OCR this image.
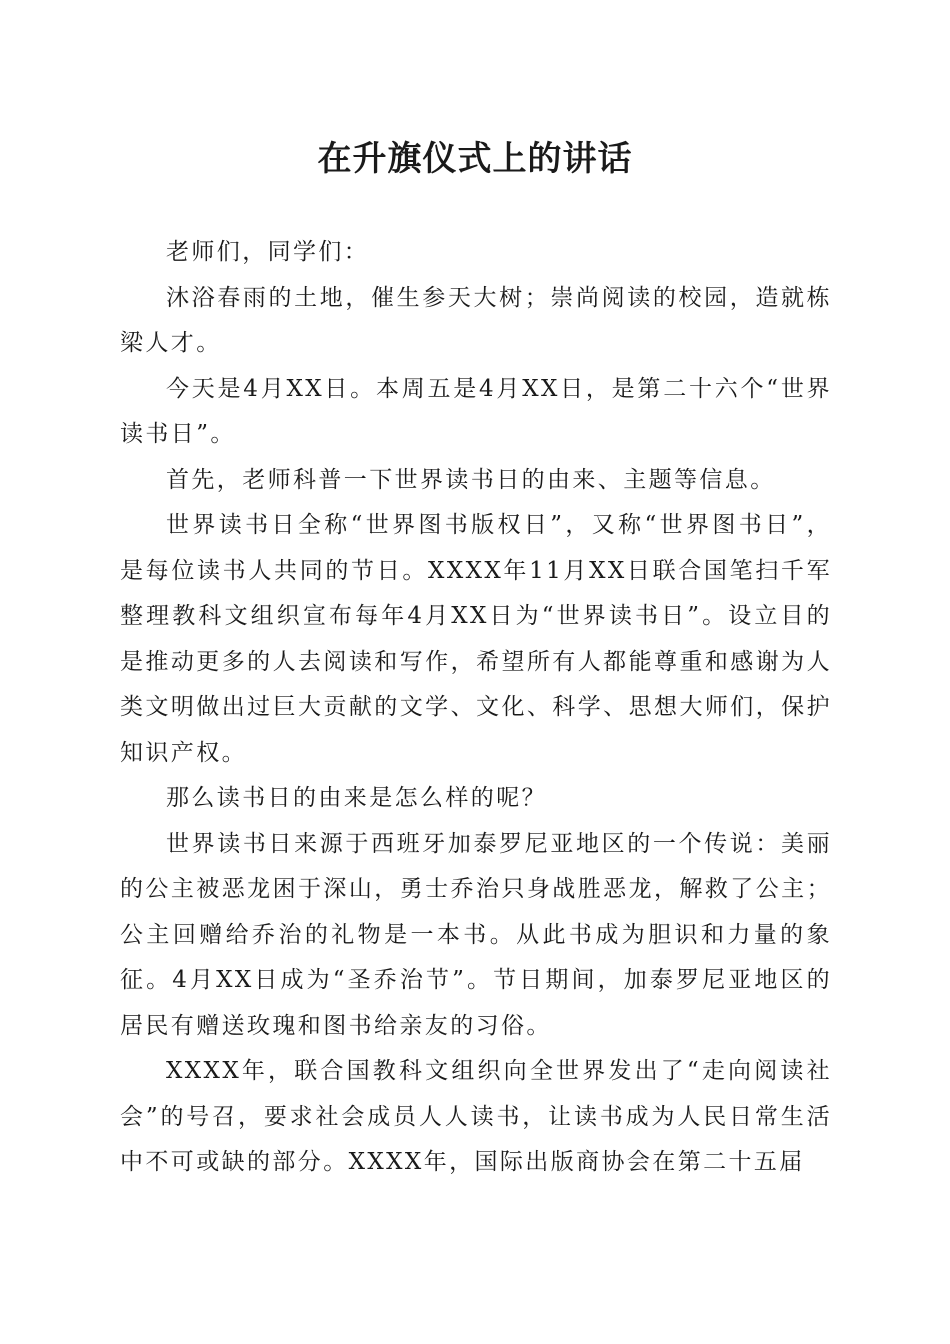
在升旗仪式上的讲话

老师们，同学们：

沐浴春雨的土地，催生参天大树；崇尚阅读的校园，造就栋梁人才。

今天是4月XX日。本周五是4月XX日，是第二十六个“世界读书日”。

首先，老师科普一下世界读书日的由来、主题等信息。

世界读书日全称“世界图书版权日”，又称“世界图书日”，是每位读书人共同的节日。XXXX年11月XX日联合国笔扫千军整理教科文组织宣布每年4月XX日为“世界读书日”。设立目的是推动更多的人去阅读和写作，希望所有人都能尊重和感谢为人类文明做出过巨大贡献的文学、文化、科学、思想大师们，保护知识产权。

那么读书日的由来是怎么样的呢？

世界读书日来源于西班牙加泰罗尼亚地区的一个传说：美丽的公主被恶龙困于深山，勇士乔治只身战胜恶龙，解救了公主；公主回赠给乔治的礼物是一本书。从此书成为胆识和力量的象征。4月XX日成为“圣乔治节”。节日期间，加泰罗尼亚地区的居民有赠送玫瑰和图书给亲友的习俗。

XXXX年，联合国教科文组织向全世界发出了“走向阅读社会”的号召，要求社会成员人人读书，让读书成为人民日常生活中不可或缺的部分。XXXX年，国际出版商协会在第二十五届
